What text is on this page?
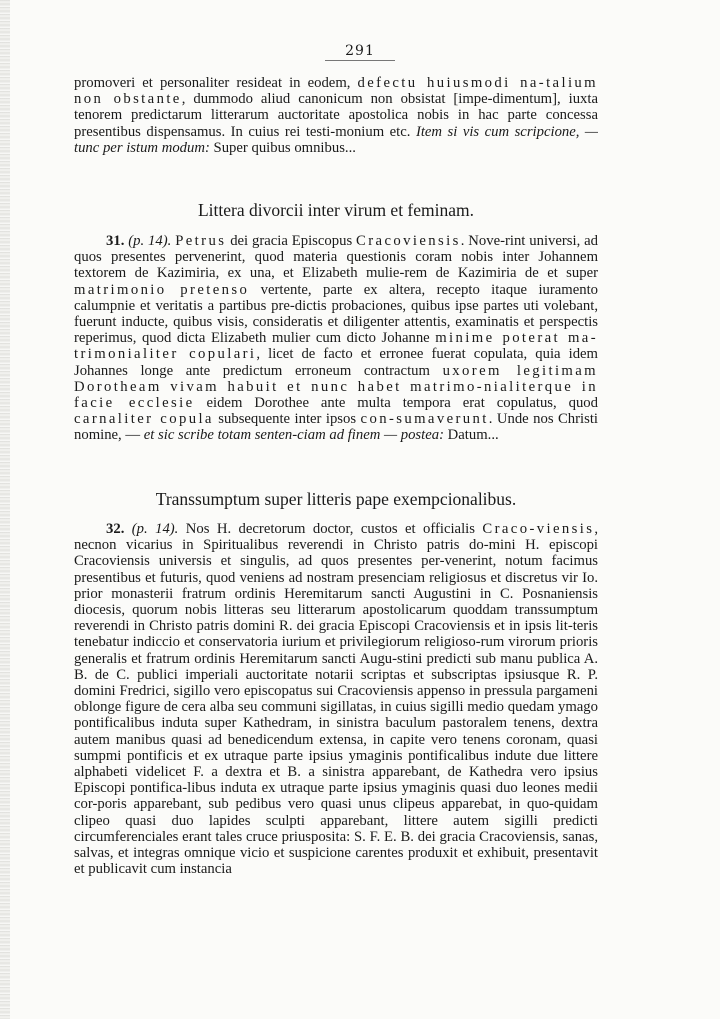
291

promoveri et personaliter resideat in eodem, defectu huiusmodi na-talium non obstante, dummodo aliud canonicum non obsistat [impe-dimentum], iuxta tenorem predictarum litterarum auctoritate apostolica nobis in hac parte concessa presentibus dispensamus. In cuius rei testi-monium etc. Item si vis cum scripcione, — tunc per istum modum: Super quibus omnibus...

Littera divorcii inter virum et feminam.

31. (p. 14). Petrus dei gracia Episcopus Cracoviensis. Nove-rint universi, ad quos presentes pervenerint, quod materia questionis coram nobis inter Johannem textorem de Kazimiria, ex una, et Elizabeth mulie-rem de Kazimiria de et super matrimonio pretenso vertente, parte ex altera, recepto itaque iuramento calumpnie et veritatis a partibus pre-dictis probaciones, quibus ipse partes uti volebant, fuerunt inducte, quibus visis, consideratis et diligenter attentis, examinatis et perspectis reperimus, quod dicta Elizabeth mulier cum dicto Johanne minime poterat ma-trimonialiter copulari, licet de facto et erronee fuerat copulata, quia idem Johannes longe ante predictum erroneum contractum uxorem legitimam Dorotheam vivam habuit et nunc habet matrimo-nialiterque in facie ecclesie eidem Dorothee ante multa tempora erat copulatus, quod carnaliter copula subsequente inter ipsos con-sumaverunt. Unde nos Christi nomine, — et sic scribe totam senten-ciam ad finem — postea: Datum...

Transsumptum super litteris pape exempcionalibus.

32. (p. 14). Nos H. decretorum doctor, custos et officialis Craco-viensis, necnon vicarius in Spiritualibus reverendi in Christo patris do-mini H. episcopi Cracoviensis universis et singulis, ad quos presentes per-venerint, notum facimus presentibus et futuris, quod veniens ad nostram presenciam religiosus et discretus vir Io. prior monasterii fratrum ordinis Heremitarum sancti Augustini in C. Posnaniensis diocesis, quorum nobis litteras seu litterarum apostolicarum quoddam transsumptum reverendi in Christo patris domini R. dei gracia Episcopi Cracoviensis et in ipsis lit-teris tenebatur indiccio et conservatoria iurium et privilegiorum religioso-rum virorum prioris generalis et fratrum ordinis Heremitarum sancti Augu-stini predicti sub manu publica A. B. de C. publici imperiali auctoritate notarii scriptas et subscriptas ipsiusque R. P. domini Fredrici, sigillo vero episcopatus sui Cracoviensis appenso in pressula pargameni oblonge figure de cera alba seu communi sigillatas, in cuius sigilli medio quedam ymago pontificalibus induta super Kathedram, in sinistra baculum pastoralem tenens, dextra autem manibus quasi ad benedicendum extensa, in capite vero tenens coronam, quasi sumpmi pontificis et ex utraque parte ipsius ymaginis pontificalibus indute due littere alphabeti videlicet F. a dextra et B. a sinistra apparebant, de Kathedra vero ipsius Episcopi pontifica-libus induta ex utraque parte ipsius ymaginis quasi duo leones medii cor-poris apparebant, sub pedibus vero quasi unus clipeus apparebat, in quo-quidam clipeo quasi duo lapides sculpti apparebant, littere autem sigilli predicti circumferenciales erant tales cruce priusposita: S. F. E. B. dei gracia Cracoviensis, sanas, salvas, et integras omnique vicio et suspicione carentes produxit et exhibuit, presentavit et publicavit cum instancia
